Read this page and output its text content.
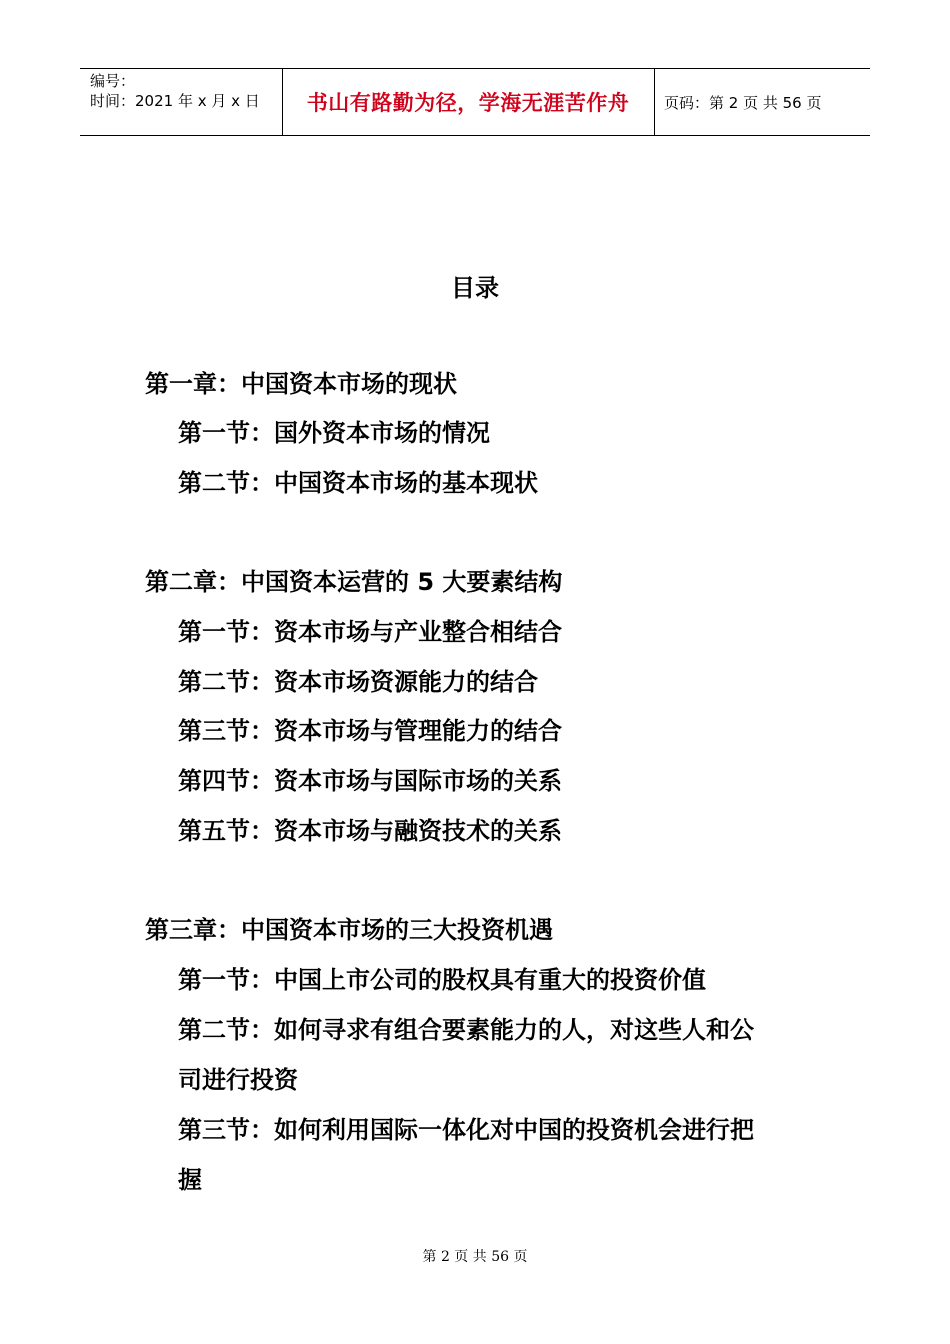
编号：
时间：2021 年 x 月 x 日	书山有路勤为径，学海无涯苦作舟	页码：第 2 页 共 56 页
目录
第一章：中国资本市场的现状
第一节：国外资本市场的情况
第二节：中国资本市场的基本现状
第二章：中国资本运营的 5 大要素结构
第一节：资本市场与产业整合相结合
第二节：资本市场资源能力的结合
第三节：资本市场与管理能力的结合
第四节：资本市场与国际市场的关系
第五节：资本市场与融资技术的关系
第三章：中国资本市场的三大投资机遇
第一节：中国上市公司的股权具有重大的投资价值
第二节：如何寻求有组合要素能力的人，对这些人和公
司进行投资
第三节：如何利用国际一体化对中国的投资机会进行把
握
第 2 页 共 56 页
